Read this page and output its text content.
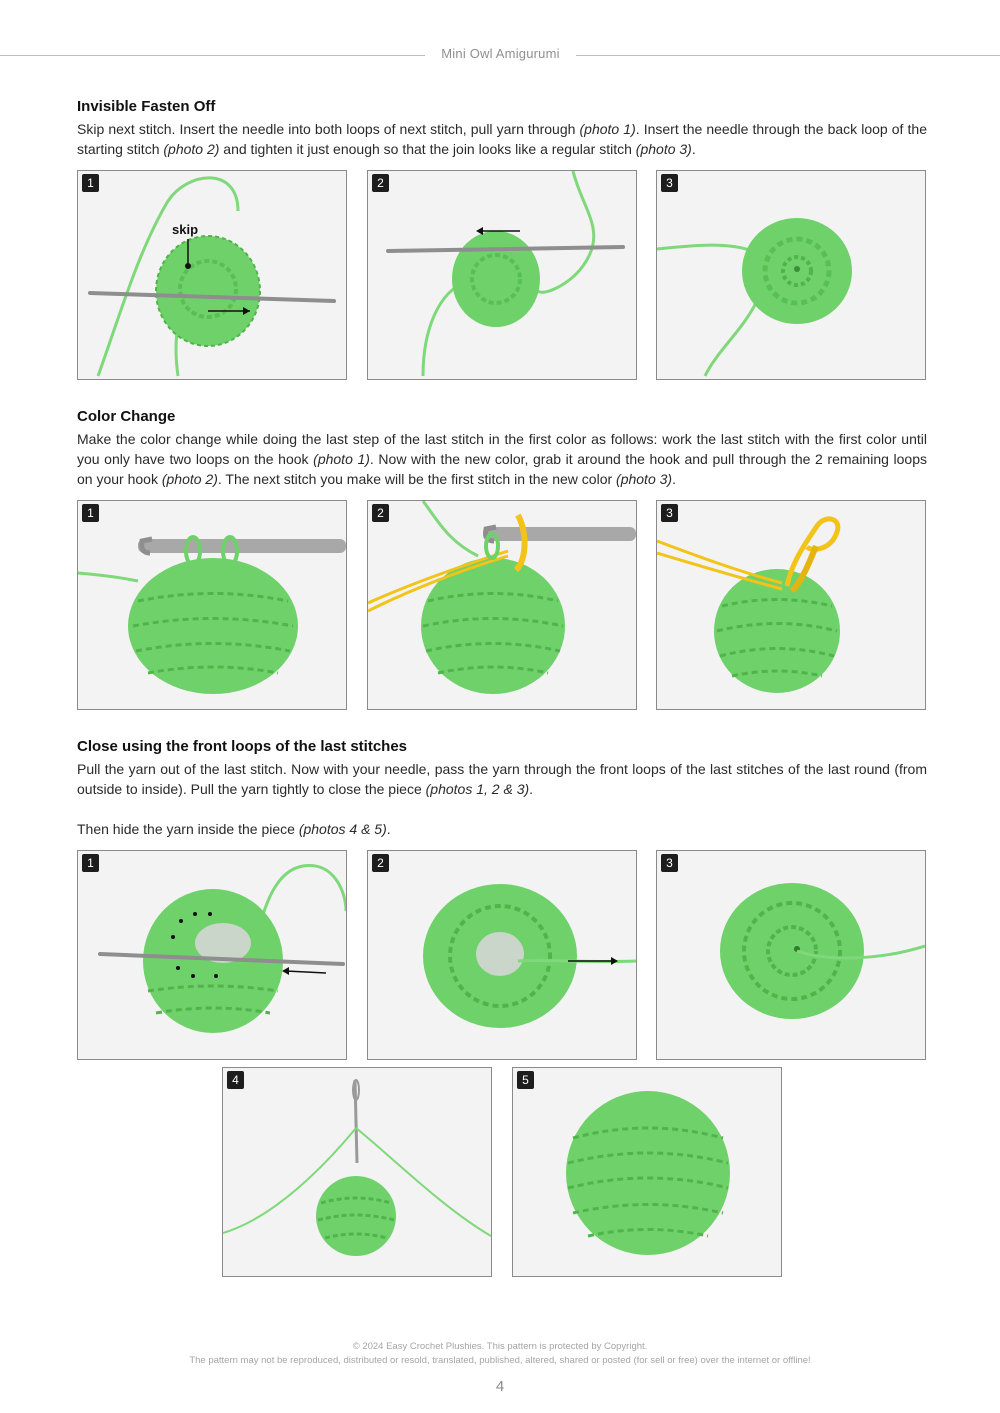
Mini Owl Amigurumi
Invisible Fasten Off

Skip next stitch. Insert the needle into both loops of next stitch, pull yarn through (photo 1). Insert the needle through the back loop of the starting stitch (photo 2) and tighten it just enough so that the join looks like a regular stitch (photo 3).

1
skip
2	3
Color Change

Make the color change while doing the last step of the last stitch in the first color as follows: work the last stitch with the first color until you only have two loops on the hook (photo 1). Now with the new color, grab it around the hook and pull through the 2 remaining loops on your hook (photo 2). The next stitch you make will be the first stitch in the new color (photo 3).

1	2	3
Close using the front loops of the last stitches

Pull the yarn out of the last stitch. Now with your needle, pass the yarn through the front loops of the last stitches of the last round (from outside to inside). Pull the yarn tightly to close the piece (photos 1, 2 & 3).

Then hide the yarn inside the piece (photos 4 & 5).

1	2	3
4	5
© 2024 Easy Crochet Plushies. This pattern is protected by Copyright.
The pattern may not be reproduced, distributed or resold, translated, published, altered, shared or posted (for sell or free) over the internet or offline!
4
